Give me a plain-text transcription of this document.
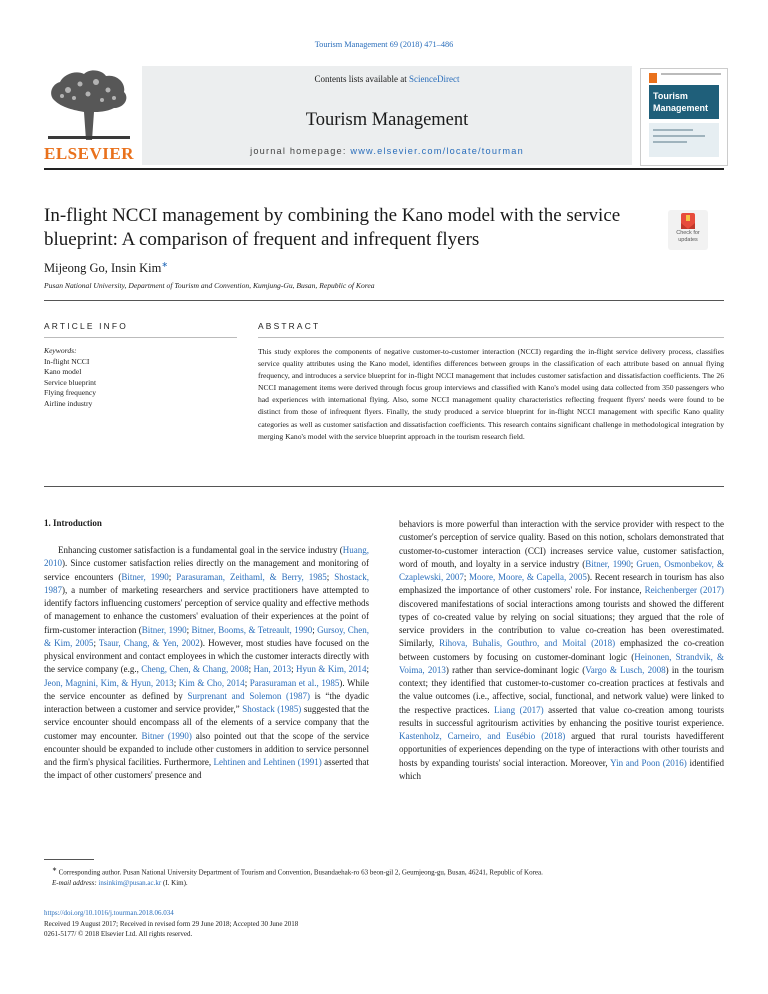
Tourism Management 69 (2018) 471–486
ELSEVIER
Contents lists available at ScienceDirect
Tourism Management
journal homepage: www.elsevier.com/locate/tourman
Tourism
Management
In-flight NCCI management by combining the Kano model with the service blueprint: A comparison of frequent and infrequent flyers	Check for
updates
Mijeong Go, Insin Kim∗
Pusan National University, Department of Tourism and Convention, Kumjung-Gu, Busan, Republic of Korea
ARTICLE INFO
Keywords:
In-flight NCCI
Kano model
Service blueprint
Flying frequency
Airline industry
ABSTRACT
This study explores the components of negative customer-to-customer interaction (NCCI) regarding the in-flight service delivery process, classifies service quality attributes using the Kano model, identifies differences between groups in the classification of each attribute based on annual flying frequency, and introduces a service blueprint for in-flight NCCI management that includes customer satisfaction and dissatisfaction coefficients. The 26 NCCI management items were derived through focus group interviews and classified with Kano's model using data collected from 350 passengers who had experiences with international flying. Also, some NCCI management quality characteristics reflecting frequent flyers' needs were found to be distinct from those of infrequent flyers. Finally, the study produced a service blueprint for in-flight NCCI management with specific Kano quality categories as well as customer satisfaction and dissatisfaction coefficients. This research contains significant challenge in methodological integration by merging Kano's model with the service blueprint approach in the tourism research field.
1. Introduction
Enhancing customer satisfaction is a fundamental goal in the service industry (Huang, 2010). Since customer satisfaction relies directly on the management and monitoring of service encounters (Bitner, 1990; Parasuraman, Zeithaml, & Berry, 1985; Shostack, 1987), a number of marketing researchers and service practitioners have attempted to identify factors influencing customers' perception of service quality and effective methods of management to enhance the customers' evaluation of their experiences at the point of firm-customer interaction (Bitner, 1990; Bitner, Booms, & Tetreault, 1990; Gursoy, Chen, & Kim, 2005; Tsaur, Chang, & Yen, 2002). However, most studies have focused on the physical environment and contact employees in which the customer interacts directly with the service company (e.g., Cheng, Chen, & Chang, 2008; Han, 2013; Hyun & Kim, 2014; Jeon, Magnini, Kim, & Hyun, 2013; Kim & Cho, 2014; Parasuraman et al., 1985). While the service encounter as defined by Surprenant and Solemon (1987) is “the dyadic interaction between a customer and service provider,” Shostack (1985) suggested that the service encounter should encompass all of the elements of a service company that the customer may encounter. Bitner (1990) also pointed out that the scope of the service encounter should be expanded to include other customers in addition to service personnel and the firm's physical facilities. Furthermore, Lehtinen and Lehtinen (1991) asserted that the impact of other customers' presence and
behaviors is more powerful than interaction with the service provider with respect to the customer's perception of service quality. Based on this notion, scholars demonstrated that customer-to-customer interaction (CCI) increases service value, customer satisfaction, word of mouth, and loyalty in a service industry (Bitner, 1990; Gruen, Osmonbekov, & Czaplewski, 2007; Moore, Moore, & Capella, 2005). Recent research in tourism has also emphasized the importance of other customers' role. For instance, Reichenberger (2017) discovered manifestations of social interactions among tourists and showed the different types of co-created value by relying on social situations; they argued that the role of service providers in the contribution to value co-creation has been overestimated. Similarly, Rihova, Buhalis, Gouthro, and Moital (2018) emphasized the co-creation between customers by focusing on customer-dominant logic (Heinonen, Strandvik, & Voima, 2013) rather than service-dominant logic (Vargo & Lusch, 2008) in the tourism context; they identified that customer-to-customer co-creation practices at festivals and the value outcomes (i.e., affective, social, functional, and network value) were linked to the respective practices. Liang (2017) asserted that value co-creation among tourists results in successful agritourism activities by enhancing the positive tourist experience. Kastenholz, Carneiro, and Eusébio (2018) argued that rural tourists havedifferent opportunities of experiences depending on the type of interactions with other tourists and hosts by expanding tourists' social interaction. Moreover, Yin and Poon (2016) identified which
∗ Corresponding author. Pusan National University Department of Tourism and Convention, Busandaehak-ro 63 beon-gil 2, Geumjeong-gu, Busan, 46241, Republic of Korea.
E-mail address: insinkim@pusan.ac.kr (I. Kim).
https://doi.org/10.1016/j.tourman.2018.06.034
Received 19 August 2017; Received in revised form 29 June 2018; Accepted 30 June 2018
0261-5177/ © 2018 Elsevier Ltd. All rights reserved.
